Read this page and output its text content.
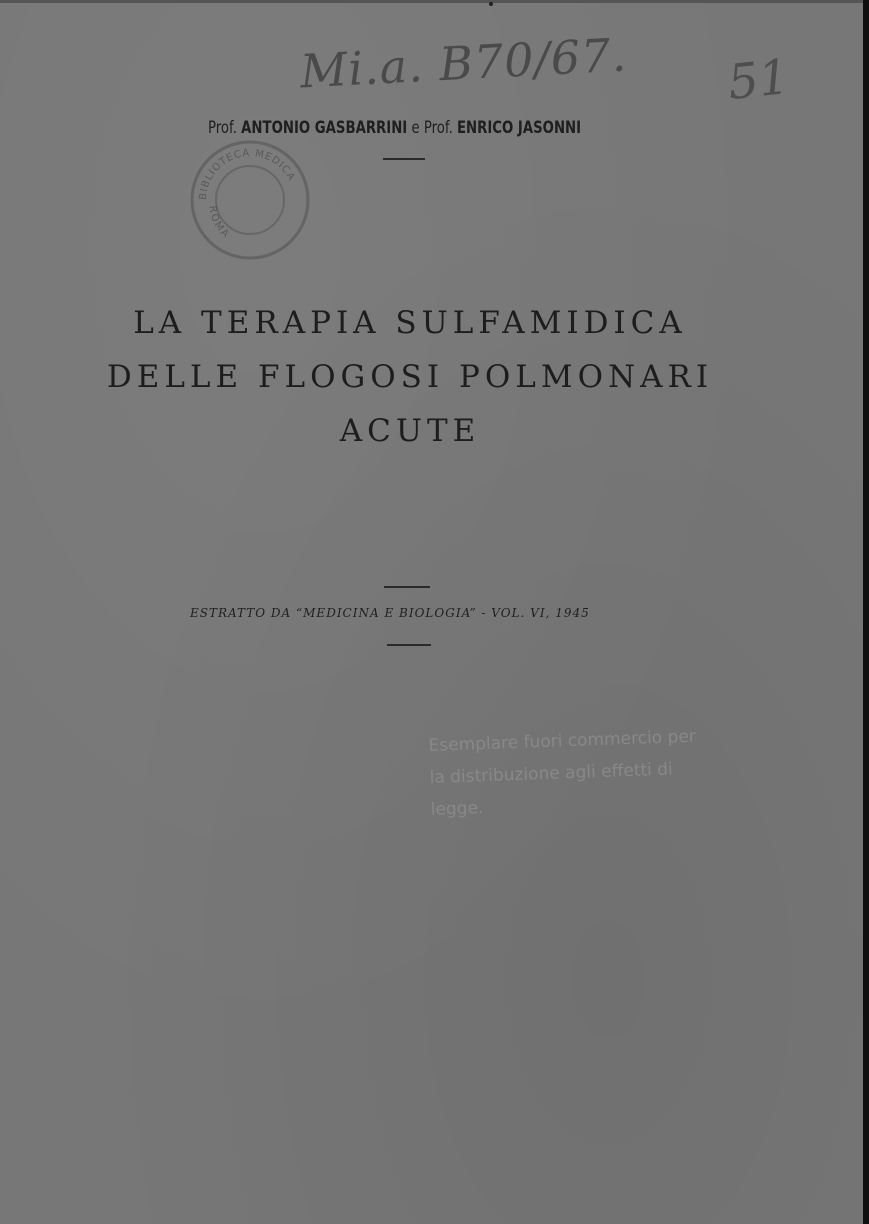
Mi.a. B70/67. 51
Prof. ANTONIO GASBARRINI e Prof. ENRICO JASONNI
BIBLIOTECA MEDICA
ROMA
LA TERAPIA SULFAMIDICA
DELLE FLOGOSI POLMONARI
ACUTE
ESTRATTO DA “MEDICINA E BIOLOGIA” - VOL. VI, 1945
Esemplare fuori commercio per
la distribuzione agli effetti di
legge.
